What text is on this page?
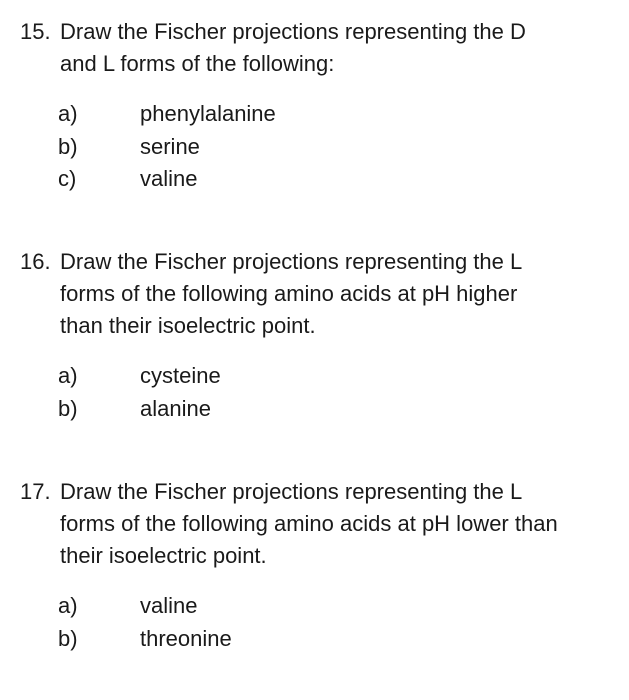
15. Draw the Fischer projections representing the D
and L forms of the following:
a)	phenylalanine
b)	serine
c)	valine
16. Draw the Fischer projections representing the L
forms of the following amino acids at pH higher
than their isoelectric point.
a)	cysteine
b)	alanine
17. Draw the Fischer projections representing the L
forms of the following amino acids at pH lower than
their isoelectric point.
a)	valine
b)	threonine
